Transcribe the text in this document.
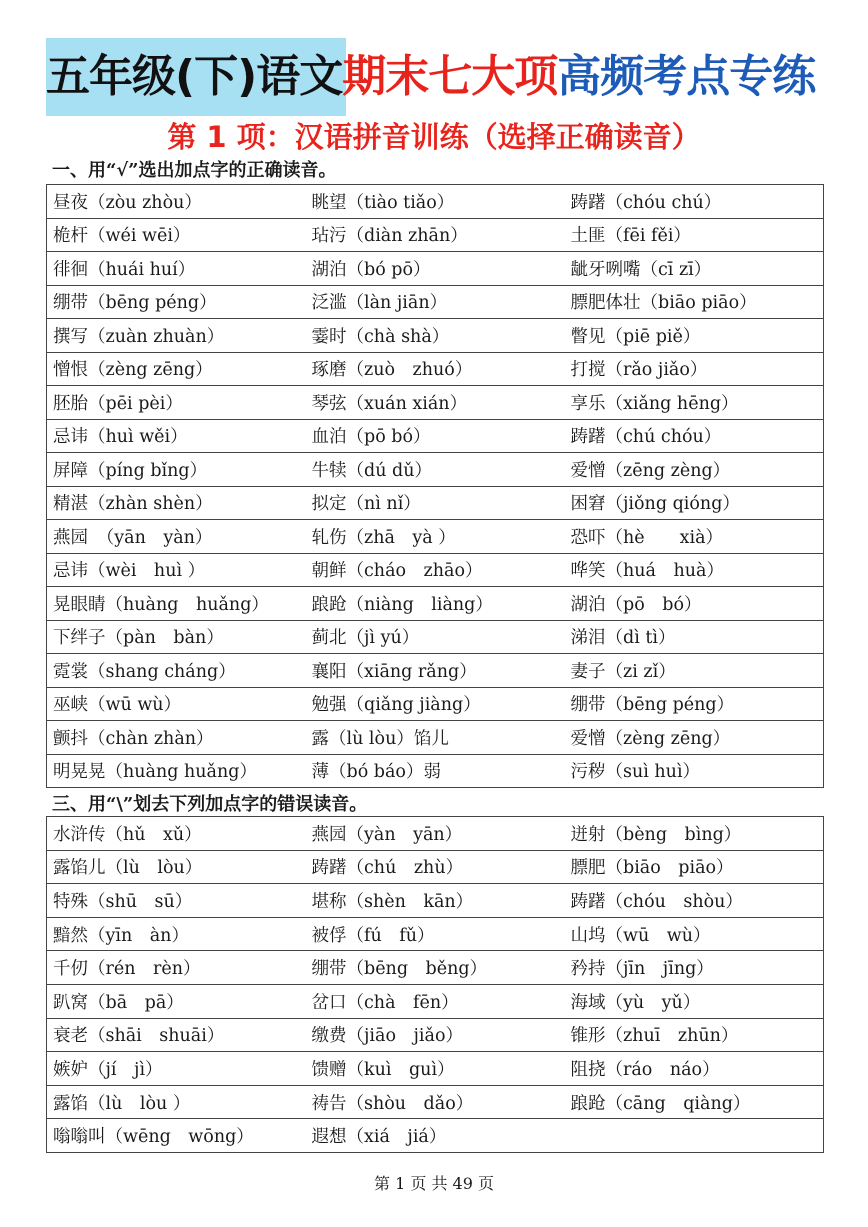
五年级(下)语文期末七大项高频考点专练
第 1 项：汉语拼音训练（选择正确读音）
一、用“√”选出加点字的正确读音。
昼夜（zòu zhòu）	眺望（tiào tiǎo）	踌躇（chóu chú）
桅杆（wéi wēi）	玷污（diàn zhān）	土匪（fēi fěi）
徘徊（huái huí）	湖泊（bó pō）	龇牙咧嘴（cī zī）
绷带（bēng péng）	泛滥（làn jiān）	膘肥体壮（biāo piāo）
撰写（zuàn zhuàn）	霎时（chà shà）	瞥见（piē piě）
憎恨（zèng zēng）	琢磨（zuò　zhuó）	打搅（rǎo jiǎo）
胚胎（pēi pèi）	琴弦（xuán xián）	享乐（xiǎng hēng）
忌讳（huì wěi）	血泊（pō bó）	踌躇（chú chóu）
屏障（píng bǐng）	牛犊（dú dǔ）	爱憎（zēng zèng）
精湛（zhàn shèn）	拟定（nì nǐ）	困窘（jiǒng qióng）
燕园　（yān　yàn）	轧伤（zhā　yà ）	恐吓（hè　　xià）
忌讳（wèi　huì ）	朝鲜（cháo　zhāo）	哗笑（huá　huà）
晃眼睛（huàng　huǎng）	踉跄（niàng　liàng）	湖泊（pō　bó）
下绊子（pàn　bàn）	蓟北（jì yú）	涕泪（dì tì）
霓裳（shang cháng）	襄阳（xiāng rǎng）	妻子（zi zǐ）
巫峡（wū wù）	勉强（qiǎng jiàng）	绷带（bēng péng）
颤抖（chàn zhàn）	露（lù lòu）馅儿	爱憎（zèng zēng）
明晃晃（huàng huǎng）	薄（bó báo）弱	污秽（suì huì）
三、用“\”划去下列加点字的错误读音。
水浒传（hǔ　xǔ）	燕园（yàn　yān）	迸射（bèng　bìng）
露馅儿（lù　lòu）	踌躇（chú　zhù）	膘肥（biāo　piāo）
特殊（shū　sū）	堪称（shèn　kān）	踌躇（chóu　shòu）
黯然（yīn　àn）	被俘（fú　fǔ）	山坞（wū　wù）
千仞（rén　rèn）	绷带（bēng　běng）	矜持（jīn　jīng）
趴窝（bā　pā）	岔口（chà　fēn）	海域（yù　yǔ）
衰老（shāi　shuāi）	缴费（jiāo　jiǎo）	锥形（zhuī　zhūn）
嫉妒（jí　jì）	馈赠（kuì　guì）	阻挠（ráo　náo）
露馅（lù　lòu ）	祷告（shòu　dǎo）	踉跄（cāng　qiàng）
嗡嗡叫（wēng　wōng）	遐想（xiá　jiá）	
第 1 页 共 49 页
